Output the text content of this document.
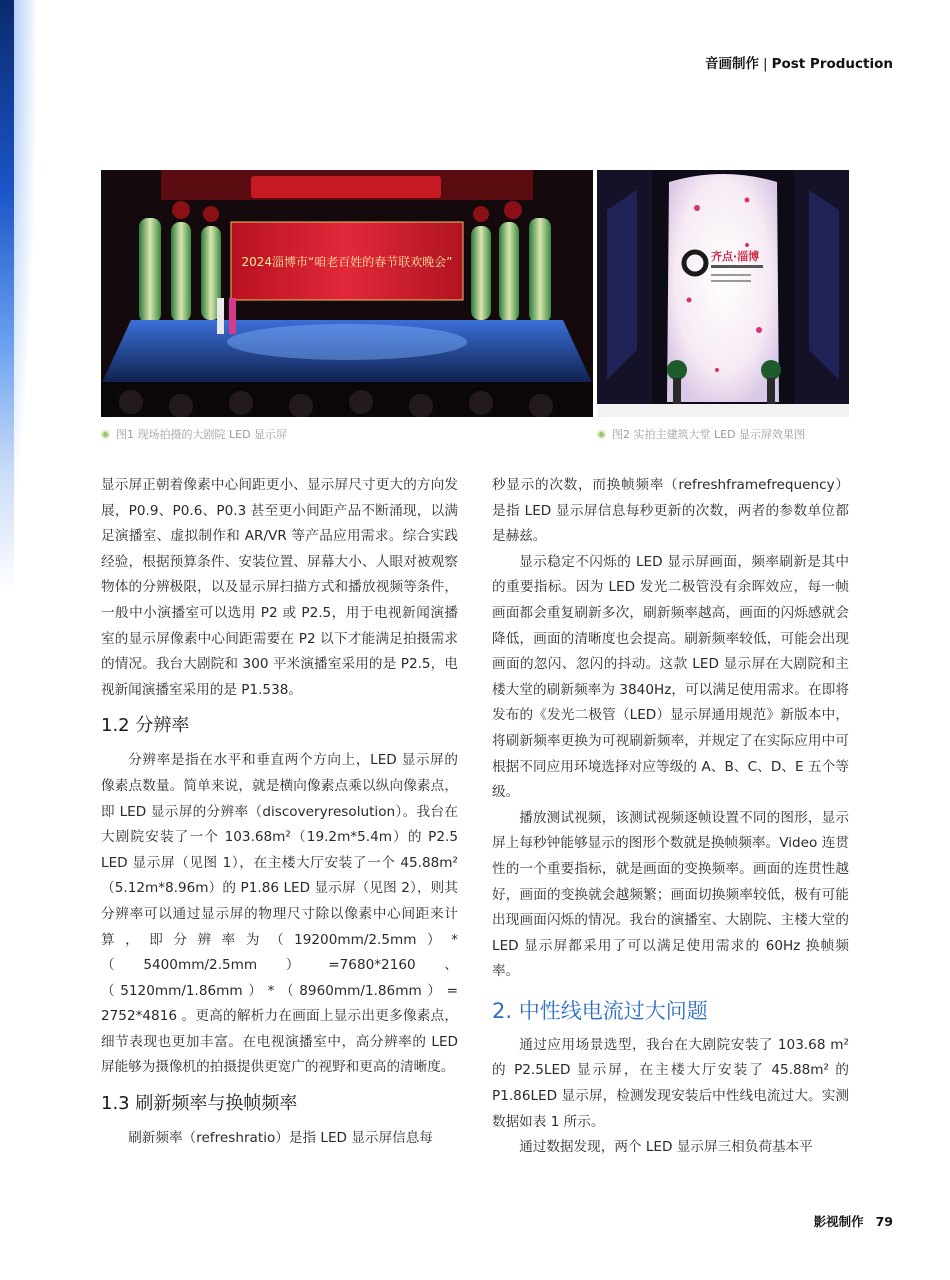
音画制作 | Post Production
2024淄博市“咱老百姓的春节联欢晚会”	齐点·淄博
图1 现场拍摄的大剧院 LED 显示屏	图2 实拍主建筑大堂 LED 显示屏效果图

显示屏正朝着像素中心间距更小、显示屏尺寸更大的方向发展，P0.9、P0.6、P0.3 甚至更小间距产品不断涌现，以满足演播室、虚拟制作和 AR/VR 等产品应用需求。综合实践经验，根据预算条件、安装位置、屏幕大小、人眼对被观察物体的分辨极限，以及显示屏扫描方式和播放视频等条件，一般中小演播室可以选用 P2 或 P2.5，用于电视新闻演播室的显示屏像素中心间距需要在 P2 以下才能满足拍摄需求的情况。我台大剧院和 300 平米演播室采用的是 P2.5，电视新闻演播室采用的是 P1.538。

1.2 分辨率

分辨率是指在水平和垂直两个方向上，LED 显示屏的像素点数量。简单来说，就是横向像素点乘以纵向像素点，即 LED 显示屏的分辨率（discoveryresolution）。我台在大剧院安装了一个 103.68m²（19.2m*5.4m）的 P2.5 LED 显示屏（见图 1），在主楼大厅安装了一个 45.88m²（5.12m*8.96m）的 P1.86 LED 显示屏（见图 2），则其分辨率可以通过显示屏的物理尺寸除以像素中心间距来计算，即分辨率为（19200mm/2.5mm）*（5400mm/2.5mm）=7680*2160、（5120mm/1.86mm）*（8960mm/1.86mm）= 2752*4816 。更高的解析力在画面上显示出更多像素点，细节表现也更加丰富。在电视演播室中，高分辨率的 LED 屏能够为摄像机的拍摄提供更宽广的视野和更高的清晰度。

1.3 刷新频率与换帧频率

刷新频率（refreshratio）是指 LED 显示屏信息每

秒显示的次数，而换帧频率（refreshframefrequency）是指 LED 显示屏信息每秒更新的次数，两者的参数单位都是赫兹。

显示稳定不闪烁的 LED 显示屏画面，频率刷新是其中的重要指标。因为 LED 发光二极管没有余晖效应，每一帧画面都会重复刷新多次，刷新频率越高，画面的闪烁感就会降低，画面的清晰度也会提高。刷新频率较低，可能会出现画面的忽闪、忽闪的抖动。这款 LED 显示屏在大剧院和主楼大堂的刷新频率为 3840Hz，可以满足使用需求。在即将发布的《发光二极管（LED）显示屏通用规范》新版本中，将刷新频率更换为可视刷新频率，并规定了在实际应用中可根据不同应用环境选择对应等级的 A、B、C、D、E 五个等级。

播放测试视频，该测试视频逐帧设置不同的图形，显示屏上每秒钟能够显示的图形个数就是换帧频率。Video 连贯性的一个重要指标，就是画面的变换频率。画面的连贯性越好，画面的变换就会越频繁；画面切换频率较低，极有可能出现画面闪烁的情况。我台的演播室、大剧院、主楼大堂的 LED 显示屏都采用了可以满足使用需求的 60Hz 换帧频率。

2. 中性线电流过大问题

通过应用场景选型，我台在大剧院安装了 103.68 m² 的 P2.5LED 显示屏，在主楼大厅安装了 45.88m² 的 P1.86LED 显示屏，检测发现安装后中性线电流过大。实测数据如表 1 所示。

通过数据发现，两个 LED 显示屏三相负荷基本平

影视制作 79
